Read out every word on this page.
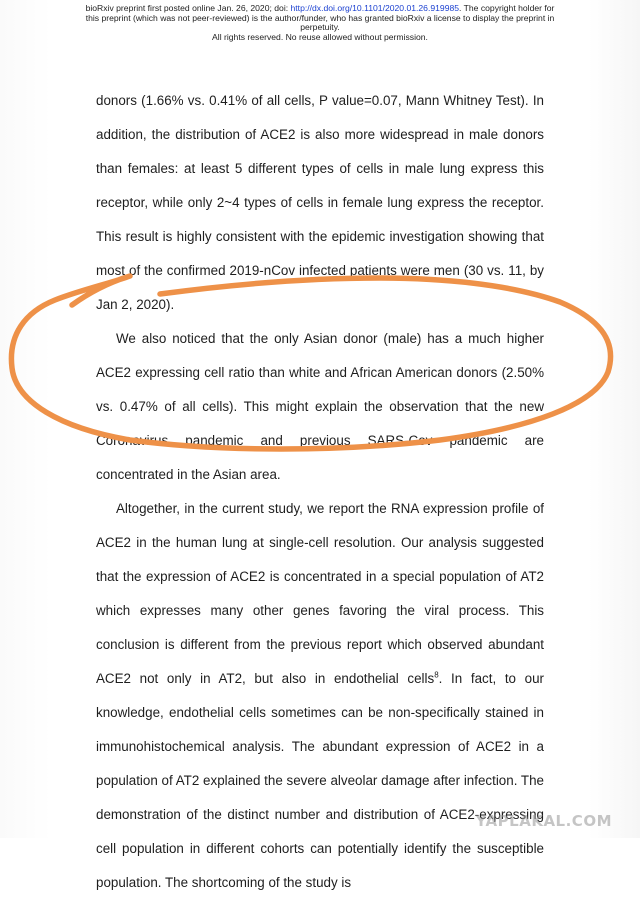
bioRxiv preprint first posted online Jan. 26, 2020; doi: http://dx.doi.org/10.1101/2020.01.26.919985. The copyright holder for
this preprint (which was not peer-reviewed) is the author/funder, who has granted bioRxiv a license to display the preprint in
perpetuity.
All rights reserved. No reuse allowed without permission.

donors (1.66% vs. 0.41% of all cells, P value=0.07, Mann Whitney Test). In addition, the distribution of ACE2 is also more widespread in male donors than females: at least 5 different types of cells in male lung express this receptor, while only 2~4 types of cells in female lung express the receptor. This result is highly consistent with the epidemic investigation showing that most of the confirmed 2019-nCov infected patients were men (30 vs. 11, by Jan 2, 2020).

We also noticed that the only Asian donor (male) has a much higher ACE2 expressing cell ratio than white and African American donors (2.50% vs. 0.47% of all cells). This might explain the observation that the new Coronavirus pandemic and previous SARS-Cov pandemic are concentrated in the Asian area.

Altogether, in the current study, we report the RNA expression profile of ACE2 in the human lung at single-cell resolution. Our analysis suggested that the expression of ACE2 is concentrated in a special population of AT2 which expresses many other genes favoring the viral process. This conclusion is different from the previous report which observed abundant ACE2 not only in AT2, but also in endothelial cells$^8$. In fact, to our knowledge, endothelial cells sometimes can be non-specifically stained in immunohistochemical analysis. The abundant expression of ACE2 in a population of AT2 explained the severe alveolar damage after infection. The demonstration of the distinct number and distribution of ACE2-expressing cell population in different cohorts can potentially identify the susceptible population. The shortcoming of the study is

YAPLAKAL.COM
